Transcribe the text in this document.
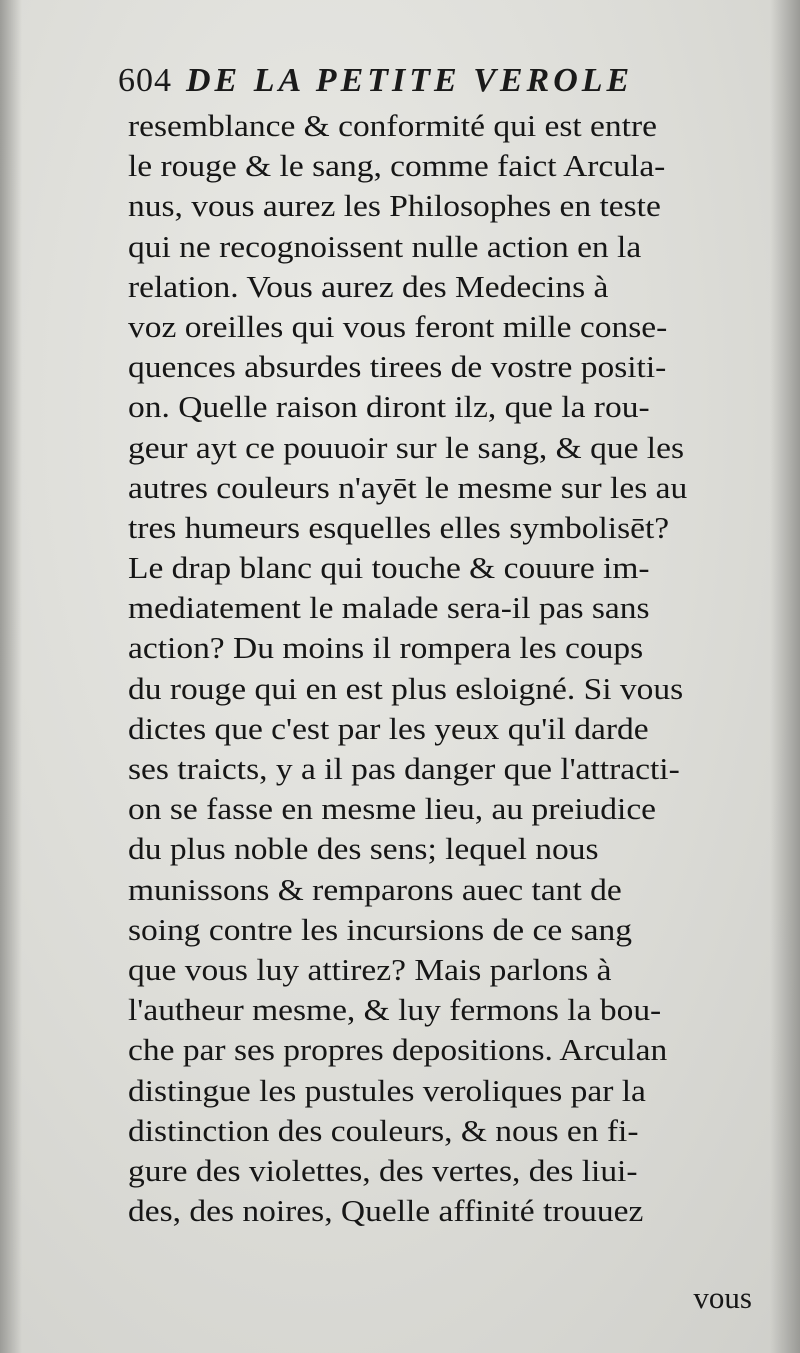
604 DE LA PETITE VEROLE
resemblance & conformité qui est entre
le rouge & le sang, comme faict Arcula-
nus, vous aurez les Philosophes en teste
qui ne recognoissent nulle action en la
relation. Vous aurez des Medecins à
voz oreilles qui vous feront mille conse-
quences absurdes tirees de vostre positi-
on. Quelle raison diront ilz, que la rou-
geur ayt ce pouuoir sur le sang, & que les
autres couleurs n'ayēt le mesme sur les au
tres humeurs esquelles elles symbolisēt?
Le drap blanc qui touche & couure im-
mediatement le malade sera-il pas sans
action? Du moins il rompera les coups
du rouge qui en est plus esloigné. Si vous
dictes que c'est par les yeux qu'il darde
ses traicts, y a il pas danger que l'attracti-
on se fasse en mesme lieu, au preiudice
du plus noble des sens; lequel nous
munissons & remparons auec tant de
soing contre les incursions de ce sang
que vous luy attirez? Mais parlons à
l'autheur mesme, & luy fermons la bou-
che par ses propres depositions. Arculan
distingue les pustules veroliques par la
distinction des couleurs, & nous en fi-
gure des violettes, des vertes, des liui-
des, des noires, Quelle affinité trouuez
vous
